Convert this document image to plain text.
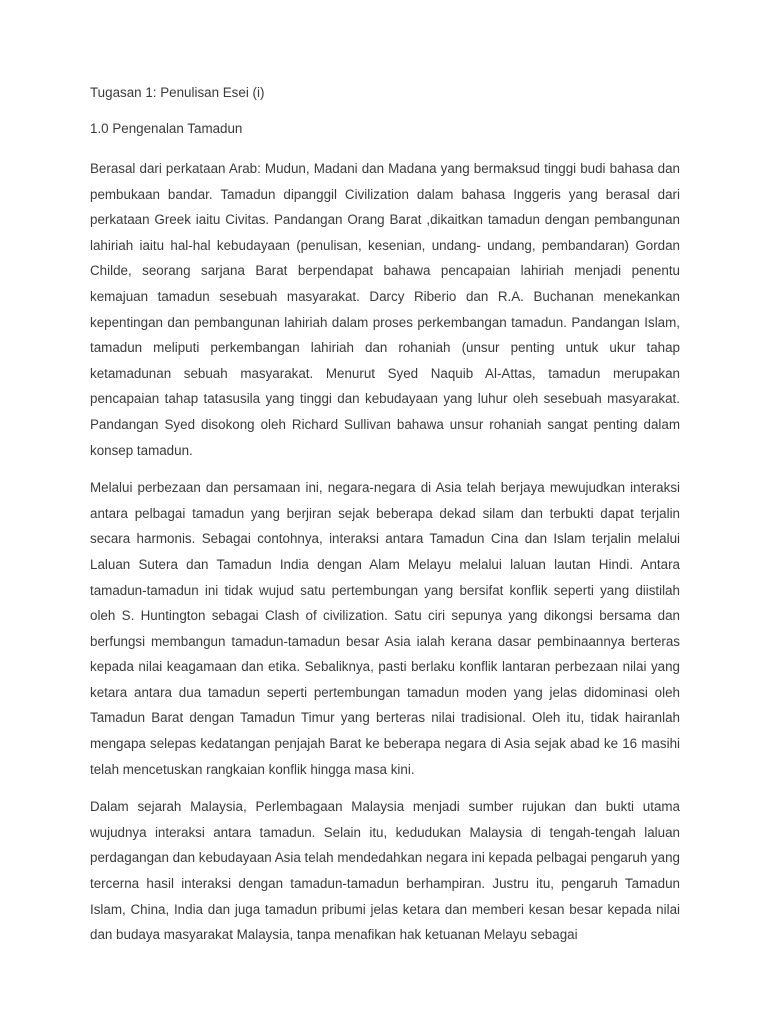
Tugasan 1: Penulisan Esei (i)

1.0 Pengenalan Tamadun

Berasal dari perkataan Arab: Mudun, Madani dan Madana yang bermaksud tinggi budi bahasa dan pembukaan bandar. Tamadun dipanggil Civilization dalam bahasa Inggeris yang berasal dari perkataan Greek iaitu Civitas. Pandangan Orang Barat ,dikaitkan tamadun dengan pembangunan lahiriah iaitu hal-hal kebudayaan (penulisan, kesenian, undang- undang, pembandaran) Gordan Childe, seorang sarjana Barat berpendapat bahawa pencapaian lahiriah menjadi penentu kemajuan tamadun sesebuah masyarakat. Darcy Riberio dan R.A. Buchanan menekankan kepentingan dan pembangunan lahiriah dalam proses perkembangan tamadun. Pandangan Islam, tamadun meliputi perkembangan lahiriah dan rohaniah (unsur penting untuk ukur tahap ketamadunan sebuah masyarakat. Menurut Syed Naquib Al-Attas, tamadun merupakan pencapaian tahap tatasusila yang tinggi dan kebudayaan yang luhur oleh sesebuah masyarakat. Pandangan Syed disokong oleh Richard Sullivan bahawa unsur rohaniah sangat penting dalam konsep tamadun.

Melalui perbezaan dan persamaan ini, negara-negara di Asia telah berjaya mewujudkan interaksi antara pelbagai tamadun yang berjiran sejak beberapa dekad silam dan terbukti dapat terjalin secara harmonis. Sebagai contohnya, interaksi antara Tamadun Cina dan Islam terjalin melalui Laluan Sutera dan Tamadun India dengan Alam Melayu melalui laluan lautan Hindi. Antara tamadun-tamadun ini tidak wujud satu pertembungan yang bersifat konflik seperti yang diistilah oleh S. Huntington sebagai Clash of civilization. Satu ciri sepunya yang dikongsi bersama dan berfungsi membangun tamadun-tamadun besar Asia ialah kerana dasar pembinaannya berteras kepada nilai keagamaan dan etika. Sebaliknya, pasti berlaku konflik lantaran perbezaan nilai yang ketara antara dua tamadun seperti pertembungan tamadun moden yang jelas didominasi oleh Tamadun Barat dengan Tamadun Timur yang berteras nilai tradisional. Oleh itu, tidak hairanlah mengapa selepas kedatangan penjajah Barat ke beberapa negara di Asia sejak abad ke 16 masihi telah mencetuskan rangkaian konflik hingga masa kini.

Dalam sejarah Malaysia, Perlembagaan Malaysia menjadi sumber rujukan dan bukti utama wujudnya interaksi antara tamadun. Selain itu, kedudukan Malaysia di tengah-tengah laluan perdagangan dan kebudayaan Asia telah mendedahkan negara ini kepada pelbagai pengaruh yang tercerna hasil interaksi dengan tamadun-tamadun berhampiran. Justru itu, pengaruh Tamadun Islam, China, India dan juga tamadun pribumi jelas ketara dan memberi kesan besar kepada nilai dan budaya masyarakat Malaysia, tanpa menafikan hak ketuanan Melayu sebagai
